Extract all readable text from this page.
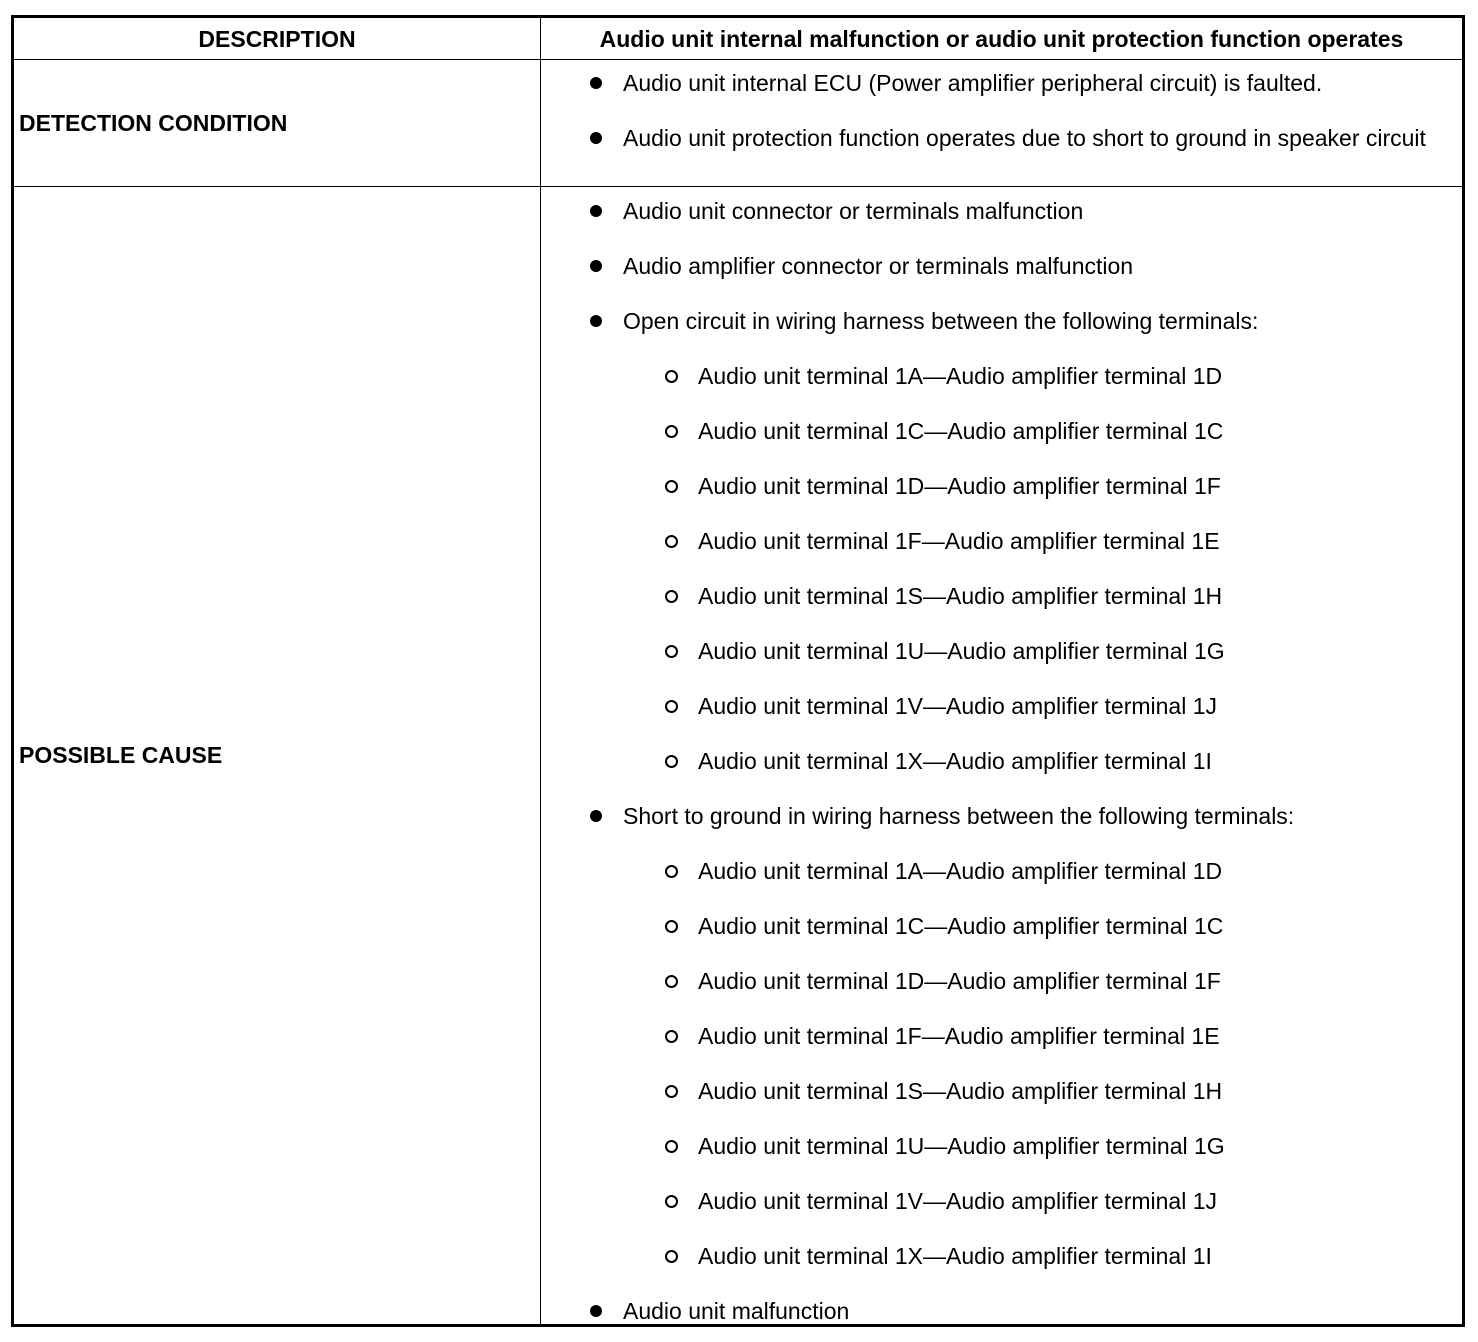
DESCRIPTION	Audio unit internal malfunction or audio unit protection function operates
DETECTION CONDITION
Audio unit internal ECU (Power amplifier peripheral circuit) is faulted.
Audio unit protection function operates due to short to ground in speaker circuit
POSSIBLE CAUSE
Audio unit connector or terminals malfunction
Audio amplifier connector or terminals malfunction
Open circuit in wiring harness between the following terminals:
Audio unit terminal 1A—Audio amplifier terminal 1D
Audio unit terminal 1C—Audio amplifier terminal 1C
Audio unit terminal 1D—Audio amplifier terminal 1F
Audio unit terminal 1F—Audio amplifier terminal 1E
Audio unit terminal 1S—Audio amplifier terminal 1H
Audio unit terminal 1U—Audio amplifier terminal 1G
Audio unit terminal 1V—Audio amplifier terminal 1J
Audio unit terminal 1X—Audio amplifier terminal 1I
Short to ground in wiring harness between the following terminals:
Audio unit terminal 1A—Audio amplifier terminal 1D
Audio unit terminal 1C—Audio amplifier terminal 1C
Audio unit terminal 1D—Audio amplifier terminal 1F
Audio unit terminal 1F—Audio amplifier terminal 1E
Audio unit terminal 1S—Audio amplifier terminal 1H
Audio unit terminal 1U—Audio amplifier terminal 1G
Audio unit terminal 1V—Audio amplifier terminal 1J
Audio unit terminal 1X—Audio amplifier terminal 1I
Audio unit malfunction
